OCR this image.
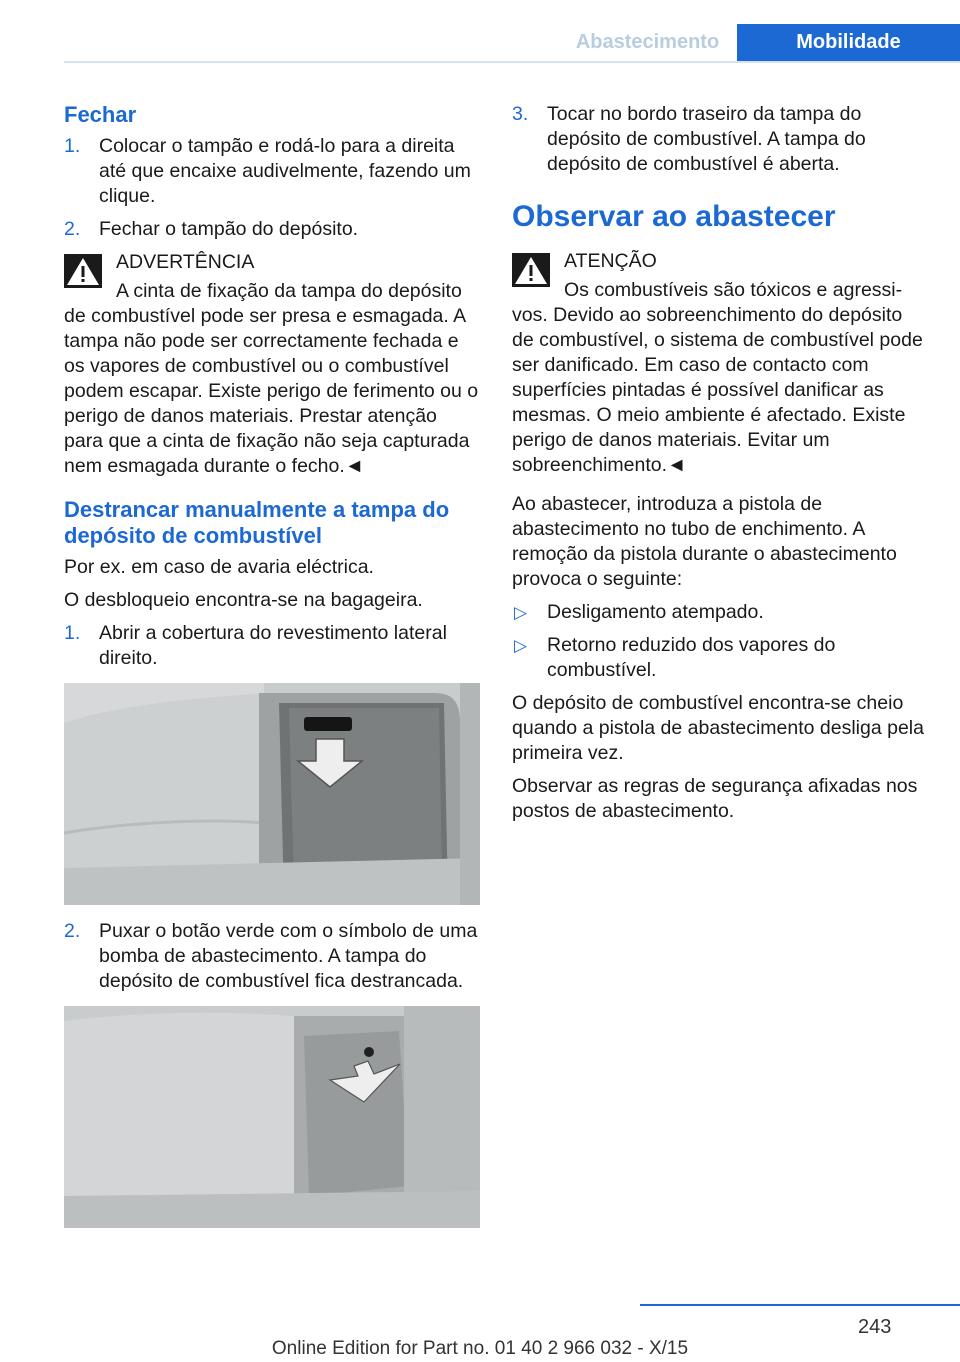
Abastecimento	Mobilidade
Fechar
1. Colocar o tampão e rodá-lo para a direita até que encaixe audivelmente, fazendo um clique.
2. Fechar o tampão do depósito.
ADVERTÊNCIA
A cinta de fixação da tampa do depósito
de combustível pode ser presa e esmagada. A tampa não pode ser correctamente fechada e os vapores de combustível ou o combustível podem escapar. Existe perigo de ferimento ou o perigo de danos materiais. Prestar atenção para que a cinta de fixação não seja capturada nem esmagada durante o fecho.◄
Destrancar manualmente a tampa do depósito de combustível
Por ex. em caso de avaria eléctrica.
O desbloqueio encontra-se na bagageira.
1. Abrir a cobertura do revestimento lateral direito.
2. Puxar o botão verde com o símbolo de uma bomba de abastecimento. A tampa do depósito de combustível fica destrancada.
3. Tocar no bordo traseiro da tampa do depósito de combustível. A tampa do depósito de combustível é aberta.
Observar ao abastecer
ATENÇÃO
Os combustíveis são tóxicos e agressi-
vos. Devido ao sobreenchimento do depósito de combustível, o sistema de combustível pode ser danificado. Em caso de contacto com superfícies pintadas é possível danificar as mesmas. O meio ambiente é afectado. Existe perigo de danos materiais. Evitar um sobreenchimento.◄
Ao abastecer, introduza a pistola de abastecimento no tubo de enchimento. A remoção da pistola durante o abastecimento provoca o seguinte:
▷ Desligamento atempado.
▷ Retorno reduzido dos vapores do combustível.
O depósito de combustível encontra-se cheio quando a pistola de abastecimento desliga pela primeira vez.
Observar as regras de segurança afixadas nos postos de abastecimento.
243
Online Edition for Part no. 01 40 2 966 032 - X/15
